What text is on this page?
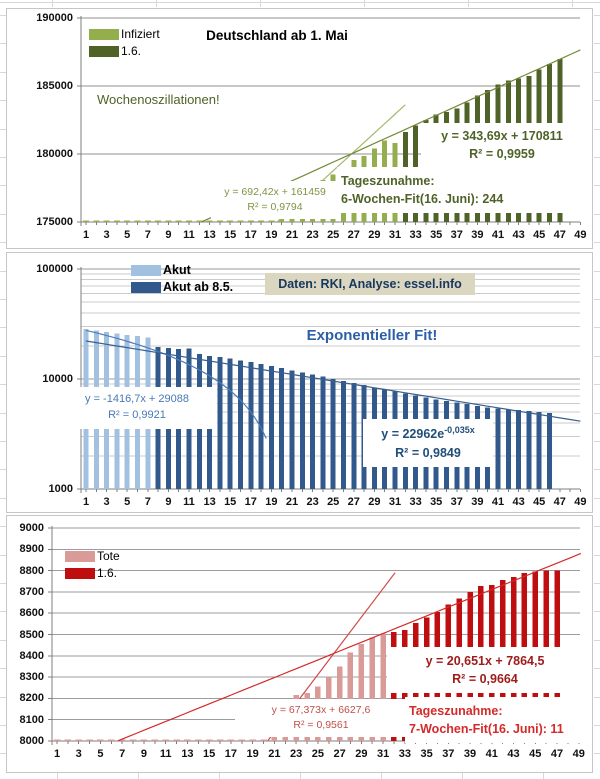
Infiziert
1.6.
Deutschland ab 1. Mai
Wochenoszillationen!
y = 692,42x + 161459
R² = 0,9794
y = 343,69x + 170811
R² = 0,9959
Tageszunahme:
6-Wochen-Fit(16. Juni): 244
175000
180000
185000
190000
1	3	5	7	9	11 13 15 17 19 21 23 25 27 29 31 33 35 37 39 41 43 45 47 49
Akut
Akut ab 8.5.	Daten: RKI, Analyse: essel.info
Exponentieller Fit!
y = -1416,7x + 29088
R² = 0,9921
$y = 22962e^{-0,035x}$
R² = 0,9849
1000
10000
100000
1	3	5	7	9	11 13 15 17 19 21 23 25 27 29 31 33 35 37 39 41 43 45 47 49
Tote
1.6.
y = 20,651x + 7864,5
R² = 0,9664
Tageszunahme:
7-Wochen-Fit(16. Juni): 11
y = 67,373x + 6627,6
R² = 0,9561
8000
8100
8200
8300
8400
8500
8600
8700
8800
8900
9000
1	3	5	7	9	11 13 15 17 19 21 23 25 27 29 31 33 35 37 39 41 43 45 47 49
